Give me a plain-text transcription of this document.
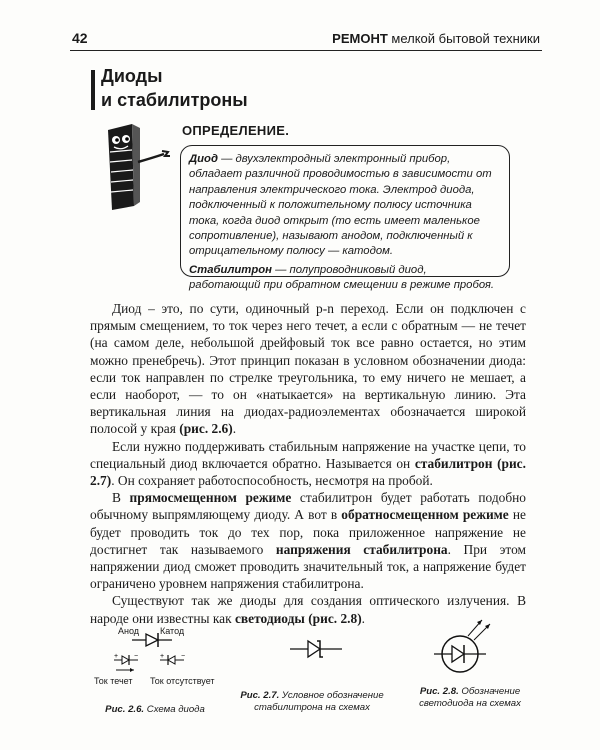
42	РЕМОНТ мелкой бытовой техники
Диоды
и стабилитроны
ОПРЕДЕЛЕНИЕ.

Диод — двухэлектродный электронный прибор, обладает различной проводимостью в зависимости от направления электрического тока. Электрод диода, подключенный к положительному полюсу источника тока, когда диод открыт (то есть имеет маленькое сопротивление), называют анодом, подключенный к отрицательному полюсу — катодом.

Стабилитрон — полупроводниковый диод, работающий при обратном смещении в режиме пробоя.

Диод – это, по сути, одиночный p-n переход. Если он подключен с прямым смещением, то ток через него течет, а если с обратным — не течет (на самом деле, небольшой дрейфовый ток все равно остается, но этим можно пренебречь). Этот принцип показан в условном обозначении диода: если ток направлен по стрелке треугольника, то ему ничего не мешает, а если наоборот, — то он «натыкается» на вертикальную линию. Эта вертикальная линия на диодах-радиоэлементах обозначается широкой полосой у края (рис. 2.6).

Если нужно поддерживать стабильным напряжение на участке цепи, то специальный диод включается обратно. Называется он стабилитрон (рис. 2.7). Он сохраняет работоспособность, несмотря на пробой.

В прямосмещенном режиме стабилитрон будет работать подобно обычному выпрямляющему диоду. А вот в обратносмещенном режиме не будет проводить ток до тех пор, пока приложенное напряжение не достигнет так называемого напряжения стабилитрона. При этом напряжении диод сможет проводить значительный ток, а напряжение будет ограничено уровнем напряжения стабилитрона.

Существуют так же диоды для создания оптического излучения. В народе они известны как светодиоды (рис. 2.8).

Анод Катод
+ −	+ −
Ток течет Ток отсутствует
Рис. 2.6. Схема диода
Рис. 2.7. Условное обозначение стабилитрона на схемах
Рис. 2.8. Обозначение светодиода на схемах
